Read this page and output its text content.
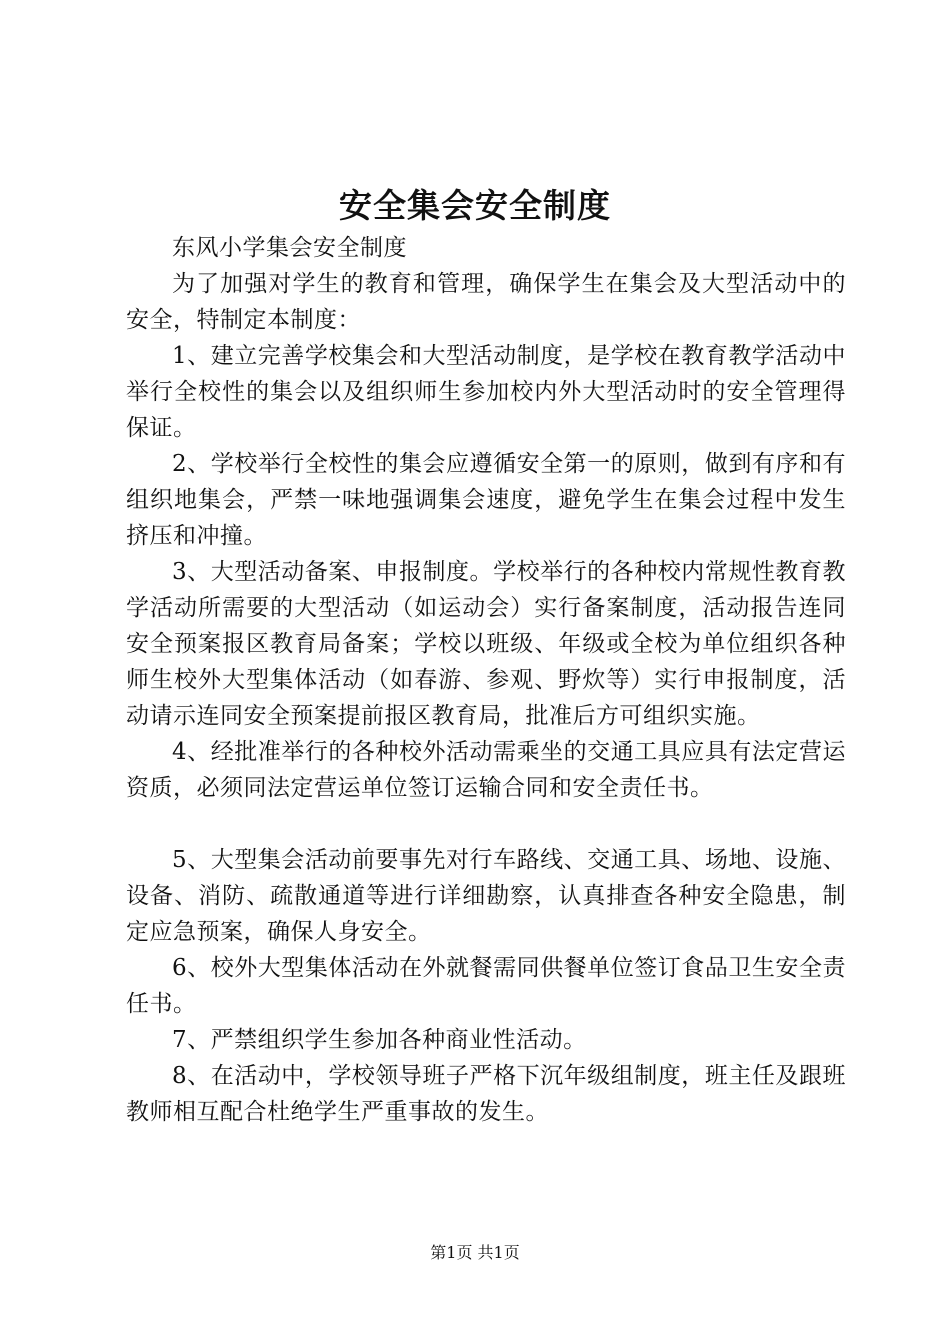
安全集会安全制度

东风小学集会安全制度

为了加强对学生的教育和管理，确保学生在集会及大型活动中的安全，特制定本制度：

1、建立完善学校集会和大型活动制度，是学校在教育教学活动中举行全校性的集会以及组织师生参加校内外大型活动时的安全管理得保证。

2、学校举行全校性的集会应遵循安全第一的原则，做到有序和有组织地集会，严禁一味地强调集会速度，避免学生在集会过程中发生挤压和冲撞。

3、大型活动备案、申报制度。学校举行的各种校内常规性教育教学活动所需要的大型活动（如运动会）实行备案制度，活动报告连同安全预案报区教育局备案；学校以班级、年级或全校为单位组织各种师生校外大型集体活动（如春游、参观、野炊等）实行申报制度，活动请示连同安全预案提前报区教育局，批准后方可组织实施。

4、经批准举行的各种校外活动需乘坐的交通工具应具有法定营运资质，必须同法定营运单位签订运输合同和安全责任书。

5、大型集会活动前要事先对行车路线、交通工具、场地、设施、设备、消防、疏散通道等进行详细勘察，认真排查各种安全隐患，制定应急预案，确保人身安全。

6、校外大型集体活动在外就餐需同供餐单位签订食品卫生安全责任书。

7、严禁组织学生参加各种商业性活动。

8、在活动中，学校领导班子严格下沉年级组制度，班主任及跟班教师相互配合杜绝学生严重事故的发生。

第1页 共1页
